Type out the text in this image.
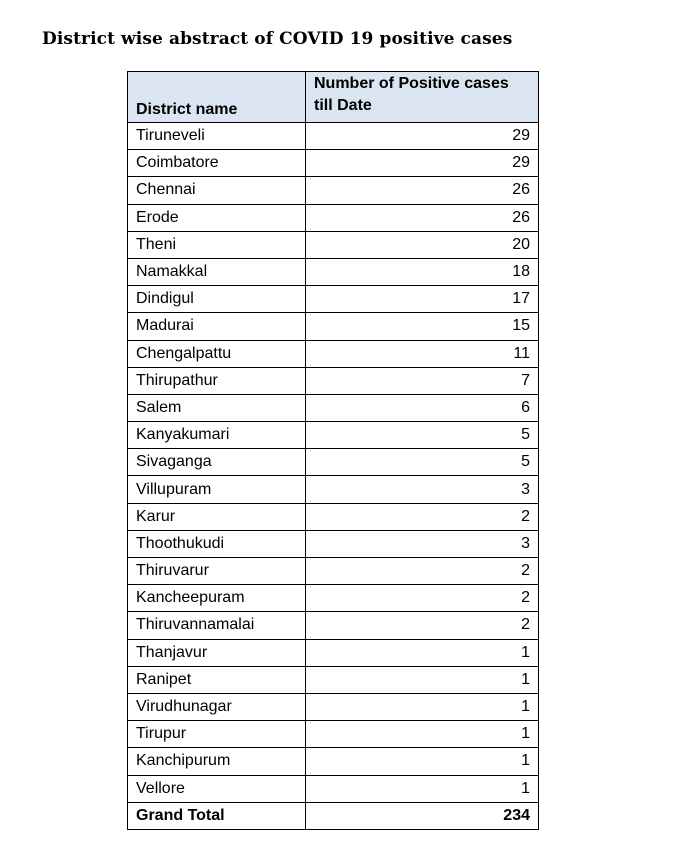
District wise abstract of COVID 19 positive cases
District name	Number of Positive cases till Date
Tiruneveli	29
Coimbatore	29
Chennai	26
Erode	26
Theni	20
Namakkal	18
Dindigul	17
Madurai	15
Chengalpattu	11
Thirupathur	7
Salem	6
Kanyakumari	5
Sivaganga	5
Villupuram	3
Karur	2
Thoothukudi	3
Thiruvarur	2
Kancheepuram	2
Thiruvannamalai	2
Thanjavur	1
Ranipet	1
Virudhunagar	1
Tirupur	1
Kanchipurum	1
Vellore	1
Grand Total	234
